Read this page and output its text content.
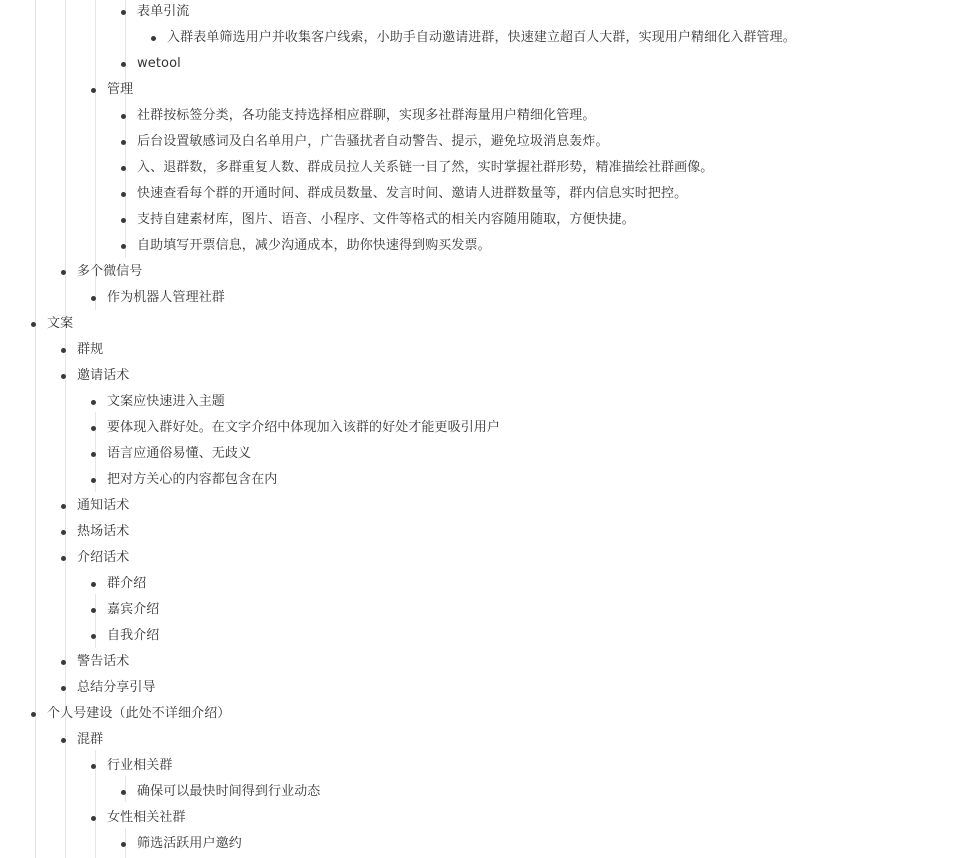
表单引流
入群表单筛选用户并收集客户线索，小助手自动邀请进群，快速建立超百人大群，实现用户精细化入群管理。
wetool
管理
社群按标签分类，各功能支持选择相应群聊，实现多社群海量用户精细化管理。
后台设置敏感词及白名单用户，广告骚扰者自动警告、提示，避免垃圾消息轰炸。
入、退群数，多群重复人数、群成员拉人关系链一目了然，实时掌握社群形势，精准描绘社群画像。
快速查看每个群的开通时间、群成员数量、发言时间、邀请人进群数量等，群内信息实时把控。
支持自建素材库，图片、语音、小程序、文件等格式的相关内容随用随取，方便快捷。
自助填写开票信息，减少沟通成本，助你快速得到购买发票。
多个微信号
作为机器人管理社群
文案
群规
邀请话术
文案应快速进入主题
要体现入群好处。在文字介绍中体现加入该群的好处才能更吸引用户
语言应通俗易懂、无歧义
把对方关心的内容都包含在内
通知话术
热场话术
介绍话术
群介绍
嘉宾介绍
自我介绍
警告话术
总结分享引导
个人号建设（此处不详细介绍）
混群
行业相关群
确保可以最快时间得到行业动态
女性相关社群
筛选活跃用户邀约
